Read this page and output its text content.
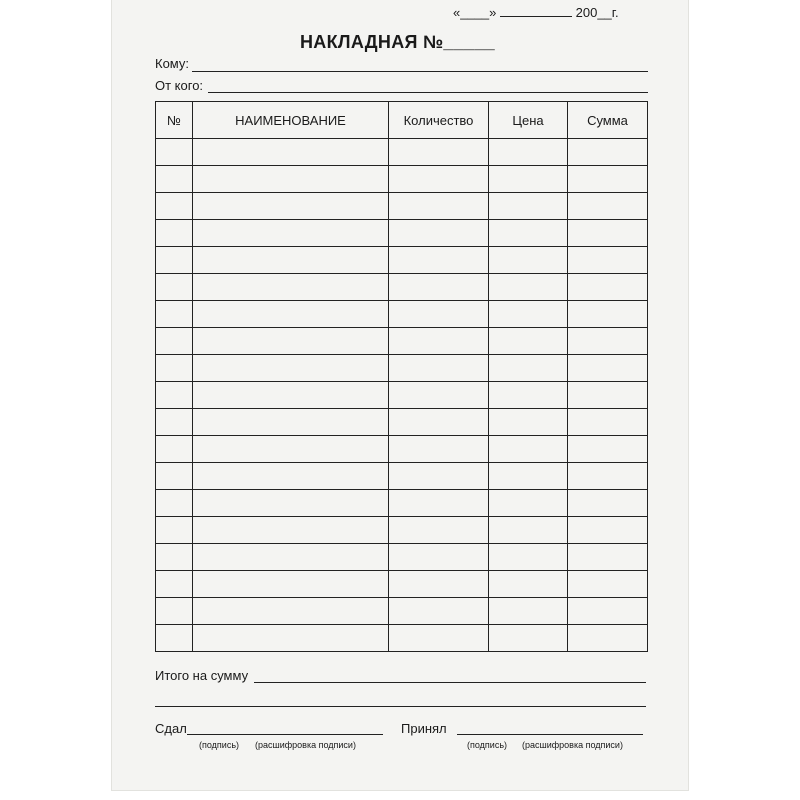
«____»	200__г.
НАКЛАДНАЯ №_____
Кому:
От кого:
№	НАИМЕНОВАНИЕ	Количество	Цена	Сумма

Итого на сумму
Сдал
(подпись) (расшифровка подписи)
Принял
(подпись) (расшифровка подписи)
